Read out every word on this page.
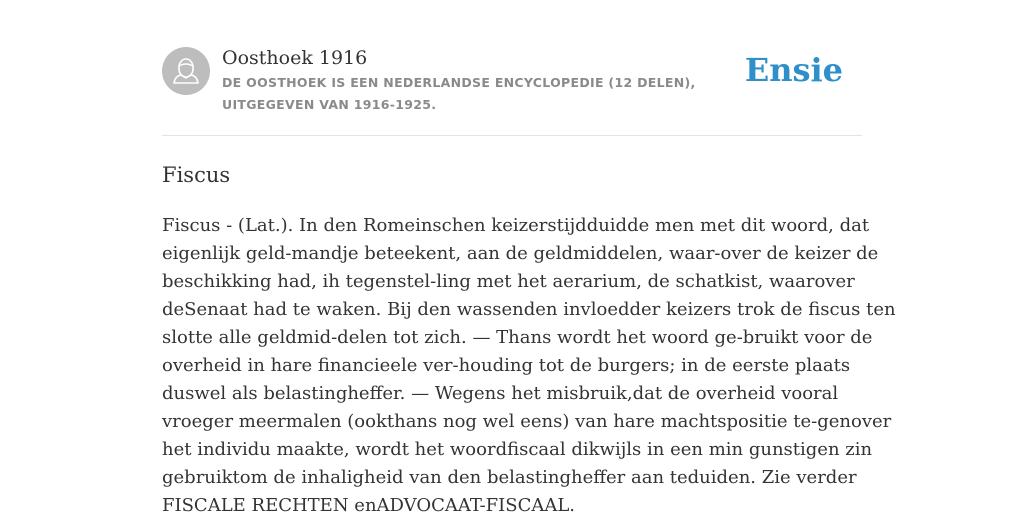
Oosthoek 1916
DE OOSTHOEK IS EEN NEDERLANDSE ENCYCLOPEDIE (12 DELEN), UITGEGEVEN VAN 1916-1925.
Ensie
Fiscus
Fiscus - (Lat.). In den Romeinschen keizerstijdduidde men met dit woord, dat
eigenlijk geld-mandje beteekent, aan de geldmiddelen, waar-over de keizer de
beschikking had, ih tegenstel-ling met het aerarium, de schatkist, waarover
deSenaat had te waken. Bij den wassenden invloedder keizers trok de fiscus ten
slotte alle geldmid-delen tot zich. — Thans wordt het woord ge-bruikt voor de
overheid in hare financieele ver-houding tot de burgers; in de eerste plaats
duswel als belastingheffer. — Wegens het misbruik,dat de overheid vooral
vroeger meermalen (ookthans nog wel eens) van hare machtspositie te-genover
het individu maakte, wordt het woordfiscaal dikwijls in een min gunstigen zin
gebruiktom de inhaligheid van den belastingheffer aan teduiden. Zie verder
FISCALE RECHTEN enADVOCAAT-FISCAAL.
